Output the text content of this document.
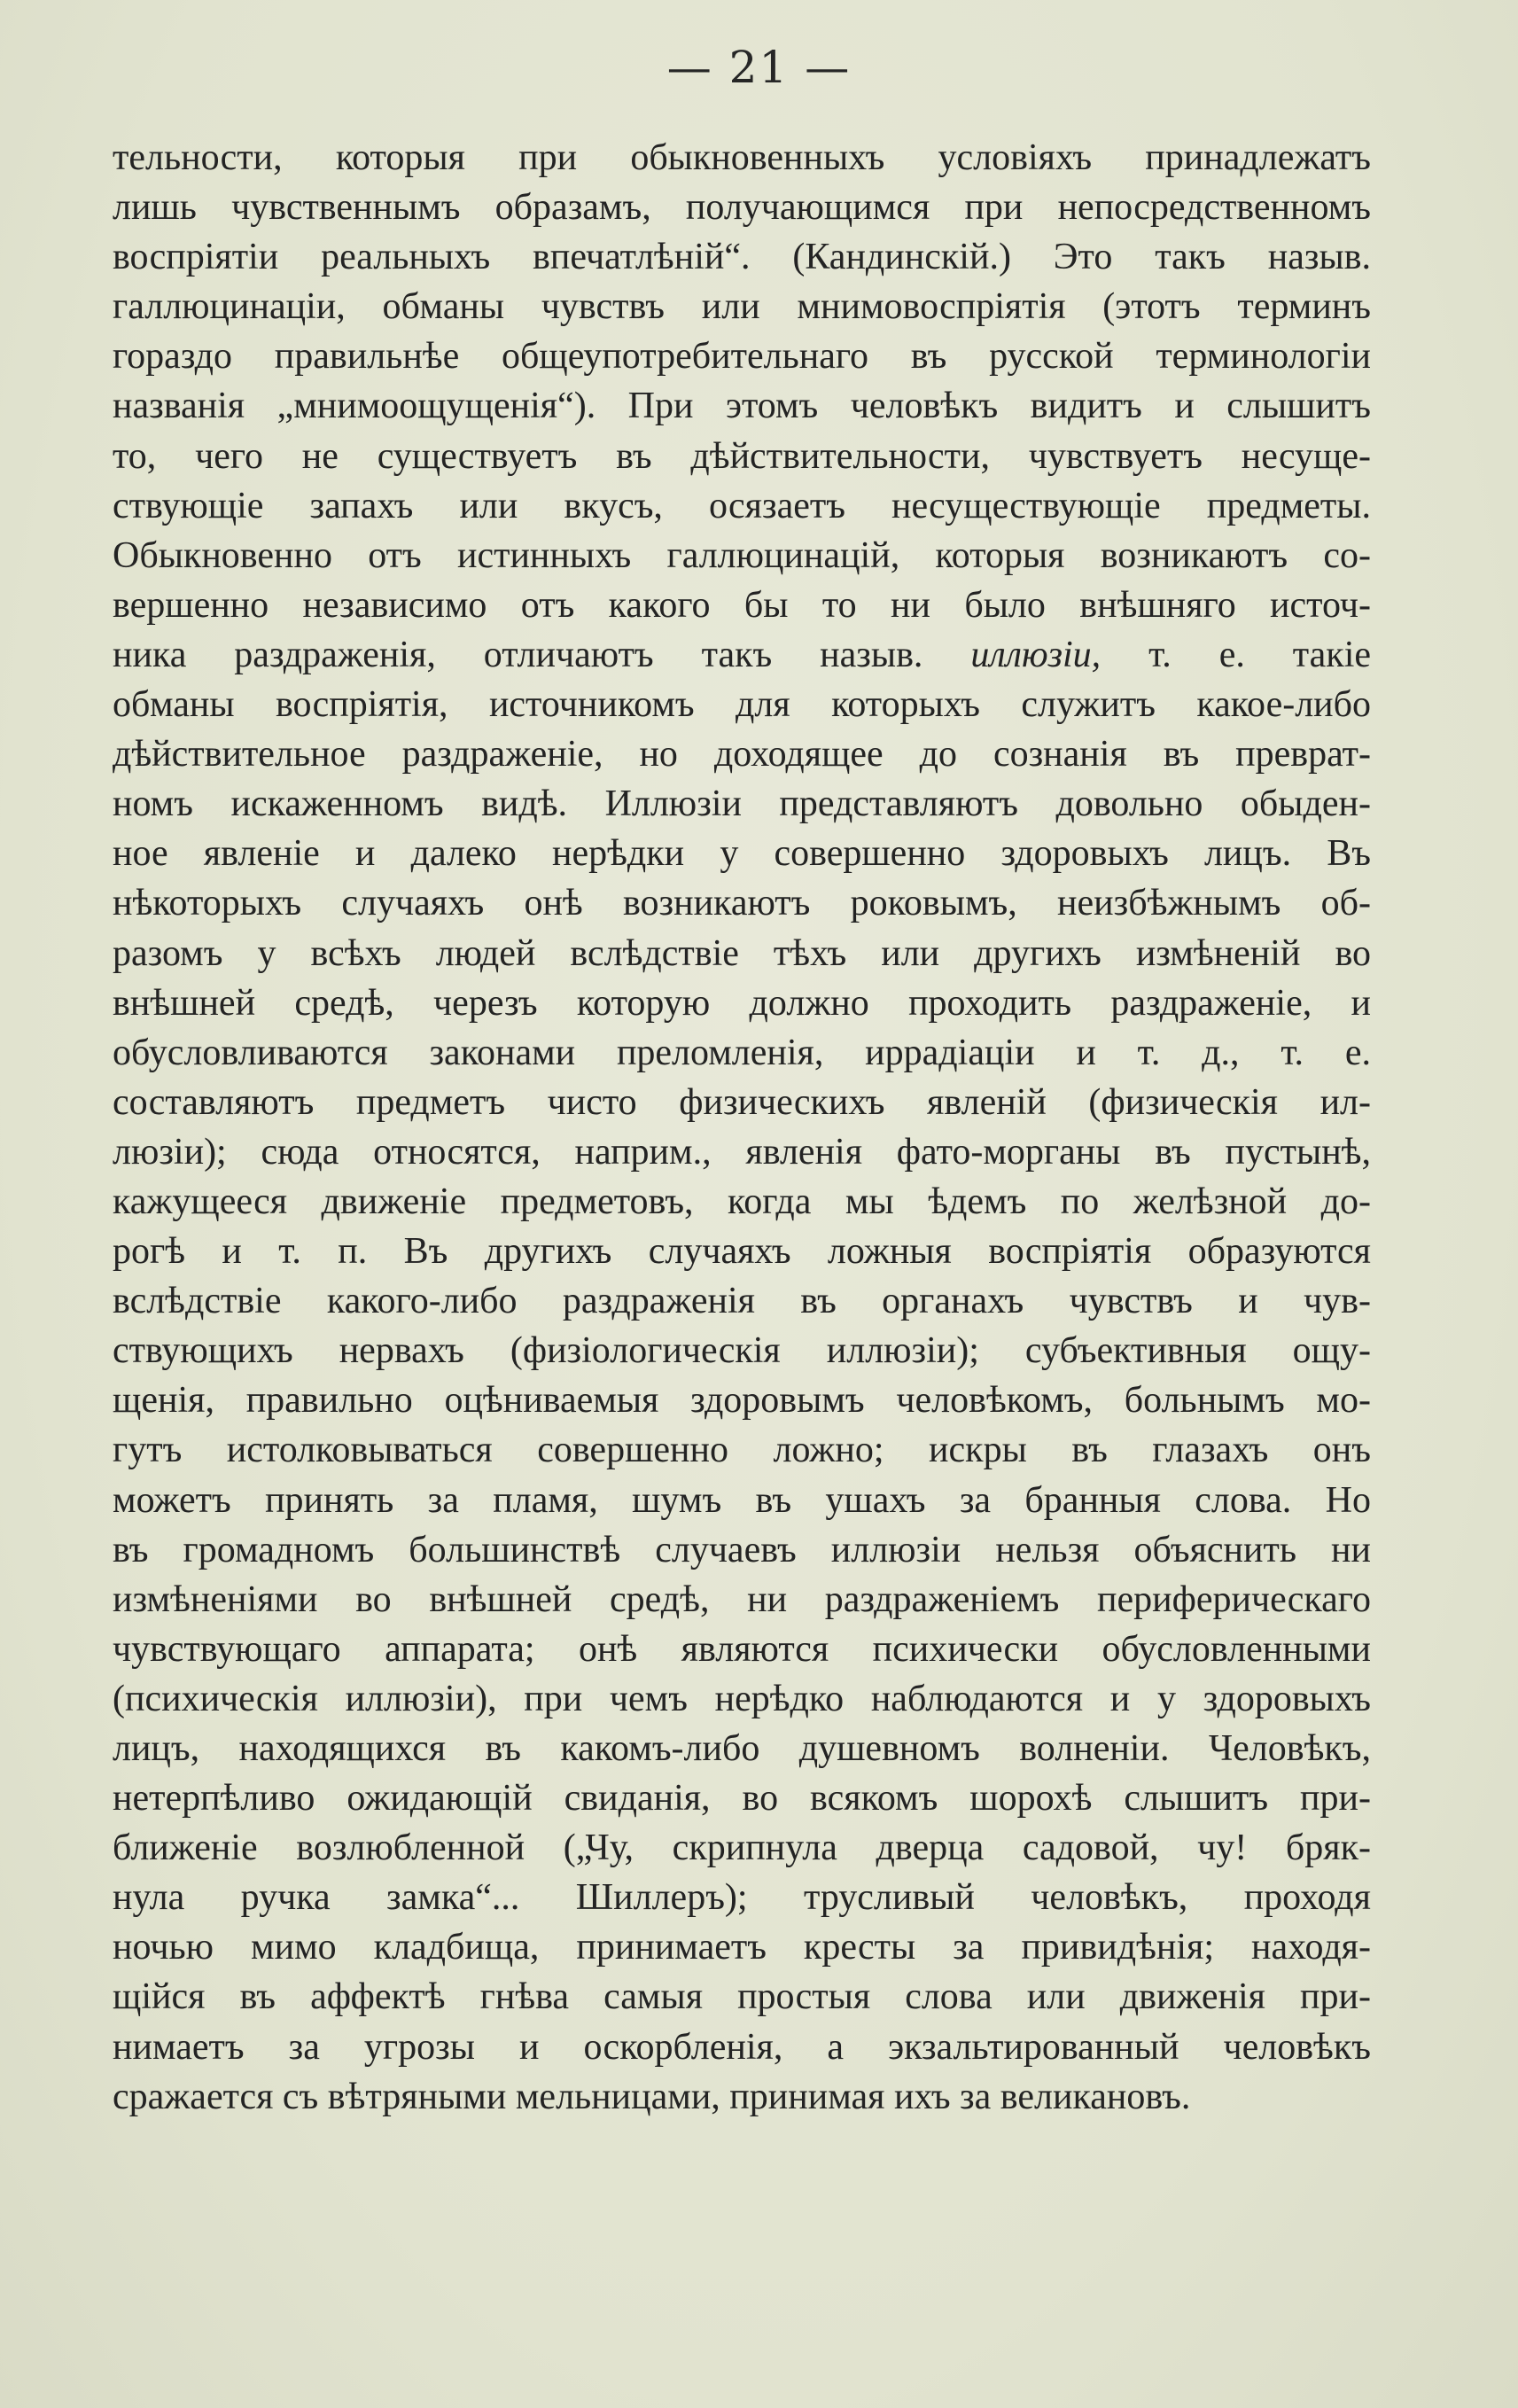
— 21 —
тельности, которыя при обыкновенныхъ условіяхъ принадлежатъ
лишь чувственнымъ образамъ, получающимся при непосредственномъ
воспріятіи реальныхъ впечатлѣній“. (Кандинскій.) Это такъ назыв.
галлюцинаціи, обманы чувствъ или мнимовоспріятія (этотъ терминъ
гораздо правильнѣе общеупотребительнаго въ русской терминологіи
названія „мнимоощущенія“). При этомъ человѣкъ видитъ и слышитъ
то, чего не существуетъ въ дѣйствительности, чувствуетъ несуще-
ствующіе запахъ или вкусъ, осязаетъ несуществующіе предметы.
Обыкновенно отъ истинныхъ галлюцинацій, которыя возникаютъ со-
вершенно независимо отъ какого бы то ни было внѣшняго источ-
ника раздраженія, отличаютъ такъ назыв. иллюзіи, т. е. такіе
обманы воспріятія, источникомъ для которыхъ служитъ какое-либо
дѣйствительное раздраженіе, но доходящее до сознанія въ преврат-
номъ искаженномъ видѣ. Иллюзіи представляютъ довольно обыден-
ное явленіе и далеко нерѣдки у совершенно здоровыхъ лицъ. Въ
нѣкоторыхъ случаяхъ онѣ возникаютъ роковымъ, неизбѣжнымъ об-
разомъ у всѣхъ людей вслѣдствіе тѣхъ или другихъ измѣненій во
внѣшней средѣ, черезъ которую должно проходить раздраженіе, и
обусловливаются законами преломленія, иррадіаціи и т. д., т. е.
составляютъ предметъ чисто физическихъ явленій (физическія ил-
люзіи); сюда относятся, наприм., явленія фато-морганы въ пустынѣ,
кажущееся движеніе предметовъ, когда мы ѣдемъ по желѣзной до-
рогѣ и т. п. Въ другихъ случаяхъ ложныя воспріятія образуются
вслѣдствіе какого-либо раздраженія въ органахъ чувствъ и чув-
ствующихъ нервахъ (физіологическія иллюзіи); субъективныя ощу-
щенія, правильно оцѣниваемыя здоровымъ человѣкомъ, больнымъ мо-
гутъ истолковываться совершенно ложно; искры въ глазахъ онъ
можетъ принять за пламя, шумъ въ ушахъ за бранныя слова. Но
въ громадномъ большинствѣ случаевъ иллюзіи нельзя объяснить ни
измѣненіями во внѣшней средѣ, ни раздраженіемъ периферическаго
чувствующаго аппарата; онѣ являются психически обусловленными
(психическія иллюзіи), при чемъ нерѣдко наблюдаются и у здоровыхъ
лицъ, находящихся въ какомъ-либо душевномъ волненіи. Человѣкъ,
нетерпѣливо ожидающій свиданія, во всякомъ шорохѣ слышитъ при-
ближеніе возлюбленной („Чу, скрипнула дверца садовой, чу! бряк-
нула ручка замка“... Шиллеръ); трусливый человѣкъ, проходя
ночью мимо кладбища, принимаетъ кресты за привидѣнія; находя-
щійся въ аффектѣ гнѣва самыя простыя слова или движенія при-
нимаетъ за угрозы и оскорбленія, а экзальтированный человѣкъ
сражается съ вѣтряными мельницами, принимая ихъ за великановъ.
